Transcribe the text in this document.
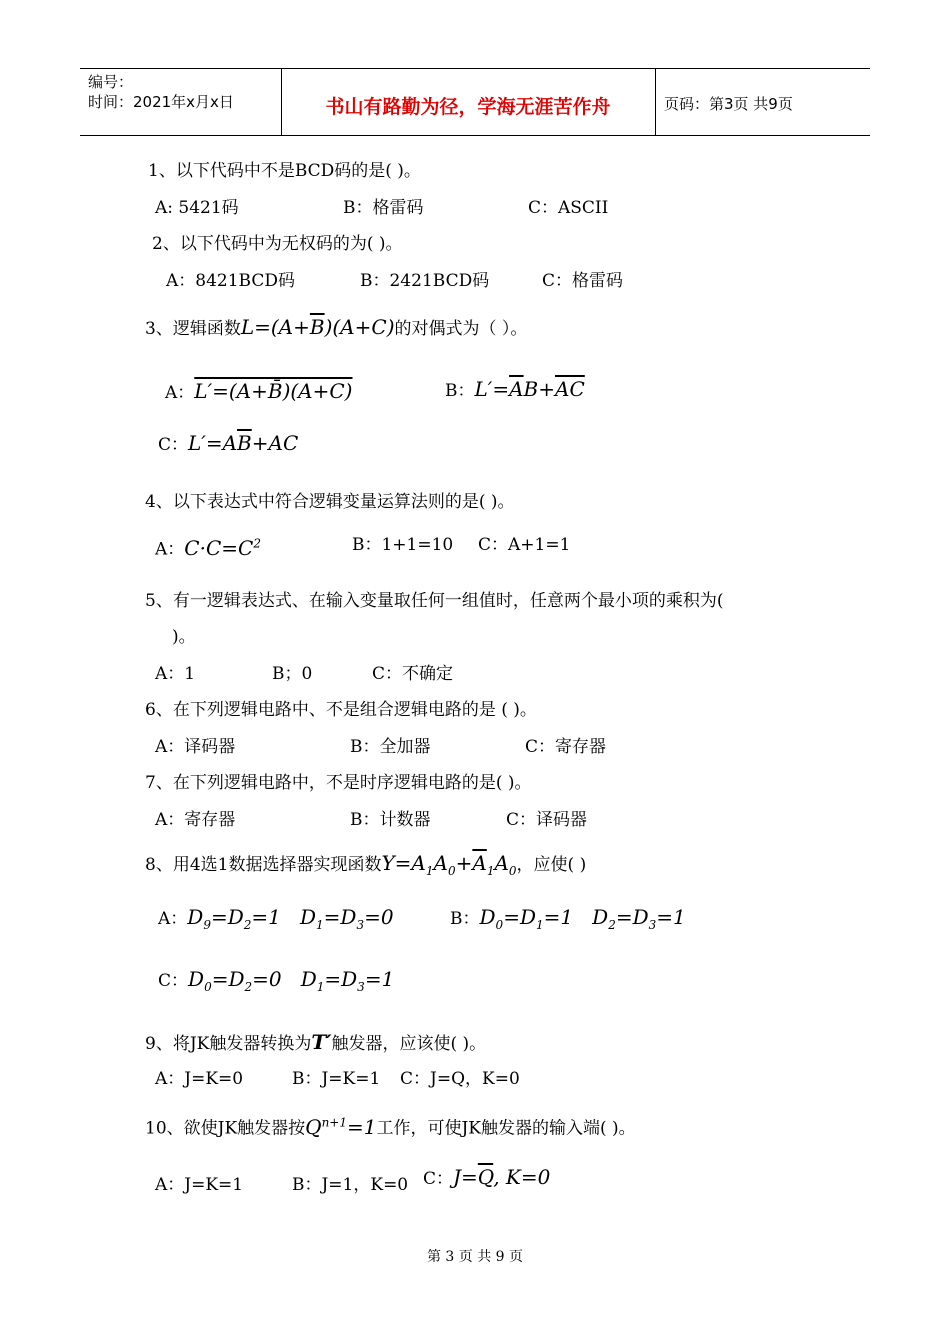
编号：
时间：2021年x月x日	书山有路勤为径，学海无涯苦作舟	页码：第3页 共9页
1、以下代码中不是BCD码的是( )。
A: 5421码	B：格雷码	C：ASCII
2、以下代码中为无权码的为( )。
A：8421BCD码	B：2421BCD码	C：格雷码
3、逻辑函数$L=(A+\overline{B})(A+C)$的对偶式为（ ）。
A：L′=(A+B̄)(A+C)	B：$L'=\overline{A}B+\overline{A}\overline{C}$
C：$L'=A\overline{B}+AC$
4、以下表达式中符合逻辑变量运算法则的是( )。
A：$C\cdot C=C^2$	B：1+1=10 C：A+1=1
5、有一逻辑表达式、在输入变量取任何一组值时，任意两个最小项的乘积为(
)。
A：1	B；0	C：不确定
6、在下列逻辑电路中、不是组合逻辑电路的是 ( )。
A：译码器	B：全加器	C：寄存器
7、在下列逻辑电路中，不是时序逻辑电路的是( )。
A：寄存器	B：计数器	C：译码器
8、用4选1数据选择器实现函数$Y=A_1A_0+\overline{A}_1A_0$，应使( )
A：$D_9=D_2=1$   $D_1=D_3=0$	B：$D_0=D_1=1$   $D_2=D_3=1$
C：$D_0=D_2=0$   $D_1=D_3=1$
9、将JK触发器转换为T′触发器，应该使( )。
A：J=K=0	B：J=K=1 C：J=Q，K=0
10、欲使JK触发器按$Q^{n+1}=1$工作，可使JK触发器的输入端( )。
A：J=K=1	B：J=1，K=0 C：$J=\overline{Q}$, K=0
第 3 页 共 9 页
